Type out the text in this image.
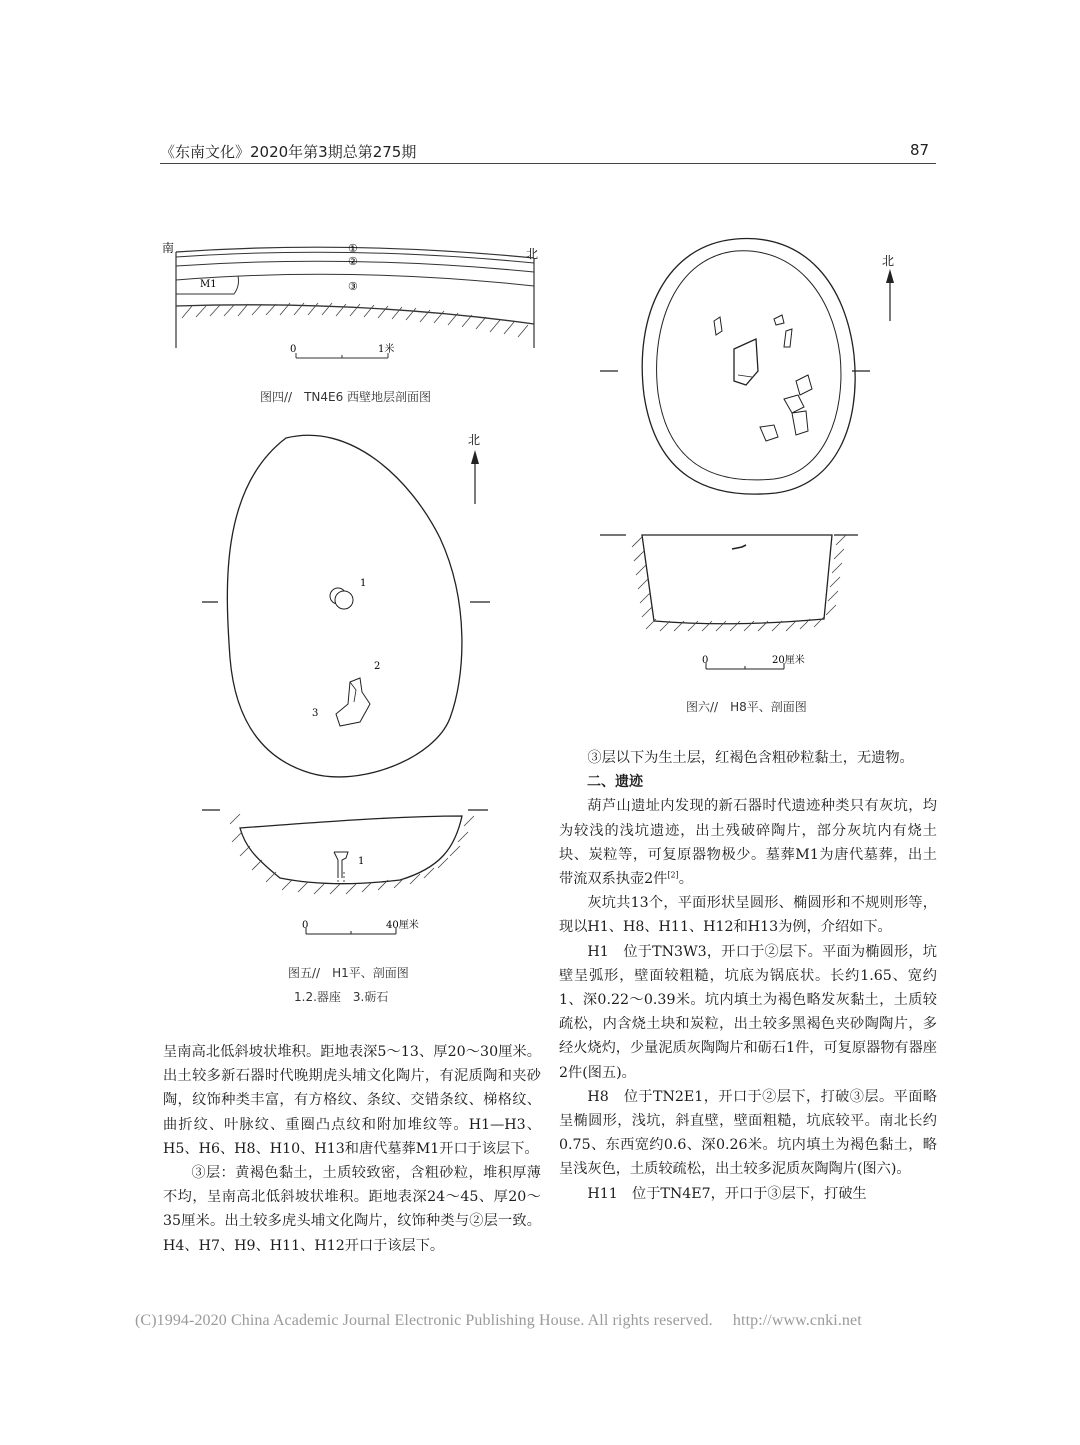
《东南文化》2020年第3期总第275期	87
南	北
①
②
③
M1
0	1米
图四//　TN4E6 西壁地层剖面图
北
1
2
3
1
0	40厘米
图五//　H1平、剖面图
1.2.器座　3.砺石
北
0	20厘米
图六//　H8平、剖面图

呈南高北低斜坡状堆积。距地表深5～13、厚20～30厘米。出土较多新石器时代晚期虎头埔文化陶片，有泥质陶和夹砂陶，纹饰种类丰富，有方格纹、条纹、交错条纹、梯格纹、曲折纹、叶脉纹、重圈凸点纹和附加堆纹等。H1—H3、H5、H6、H8、H10、H13和唐代墓葬M1开口于该层下。

③层：黄褐色黏土，土质较致密，含粗砂粒，堆积厚薄不均，呈南高北低斜坡状堆积。距地表深24～45、厚20～35厘米。出土较多虎头埔文化陶片，纹饰种类与②层一致。H4、H7、H9、H11、H12开口于该层下。

③层以下为生土层，红褐色含粗砂粒黏土，无遗物。

二、遗迹

葫芦山遗址内发现的新石器时代遗迹种类只有灰坑，均为较浅的浅坑遗迹，出土残破碎陶片，部分灰坑内有烧土块、炭粒等，可复原器物极少。墓葬M1为唐代墓葬，出土带流双系执壶2件[2]。

灰坑共13个，平面形状呈圆形、椭圆形和不规则形等，现以H1、H8、H11、H12和H13为例，介绍如下。

H1　位于TN3W3，开口于②层下。平面为椭圆形，坑壁呈弧形，壁面较粗糙，坑底为锅底状。长约1.65、宽约1、深0.22～0.39米。坑内填土为褐色略发灰黏土，土质较疏松，内含烧土块和炭粒，出土较多黑褐色夹砂陶陶片，多经火烧灼，少量泥质灰陶陶片和砺石1件，可复原器物有器座2件(图五)。

H8　位于TN2E1，开口于②层下，打破③层。平面略呈椭圆形，浅坑，斜直壁，壁面粗糙，坑底较平。南北长约0.75、东西宽约0.6、深0.26米。坑内填土为褐色黏土，略呈浅灰色，土质较疏松，出土较多泥质灰陶陶片(图六)。

H11　位于TN4E7，开口于③层下，打破生

(C)1994-2020 China Academic Journal Electronic Publishing House. All rights reserved.　 http://www.cnki.net
